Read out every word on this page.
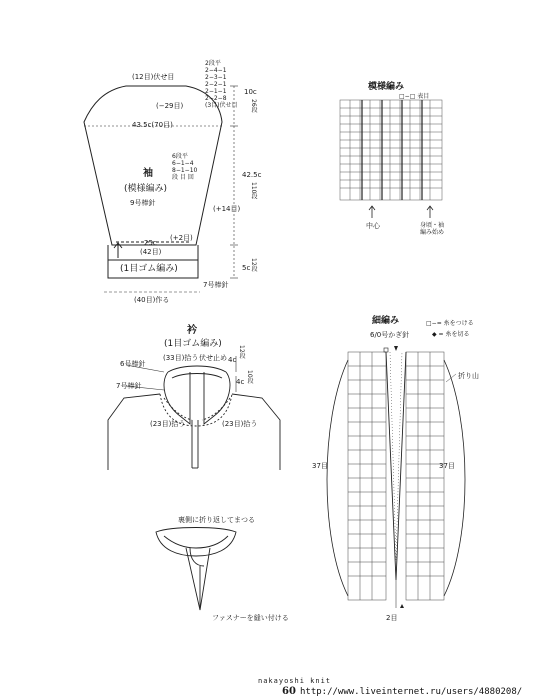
(12目)伏せ目
(−29目)
43.5c(70目)
袖
(模様編み)
9号棒針
6段平
6−1−4
8−1−10
段 目 回
2段平
2−4−1
2−3−1
2−2−1
2−1−1
2−2−8
(3目)伏せ目
10c
26段
42.5c
110段
(+14目)
(+2目)
25c
(42目)
(1目ゴム編み)	5c 12段
7号棒針
(40目)作る
模様編み
□−□ 表目
中心	身頃・袖
編み始め
衿
(1目ゴム編み)
6号棒針
7号棒針
(33目)拾う 伏せ止め 4c
12段
4c 10段
(23目)拾う	(23目)拾う
裏側に折り返してまつる
ファスナーを縫い付ける
細編み	□−= 糸をつける
◆ = 糸を切る
6/0号かぎ針
折り山
37目	37目
2目
nakayoshi knit
60 http://www.liveinternet.ru/users/4880208/
